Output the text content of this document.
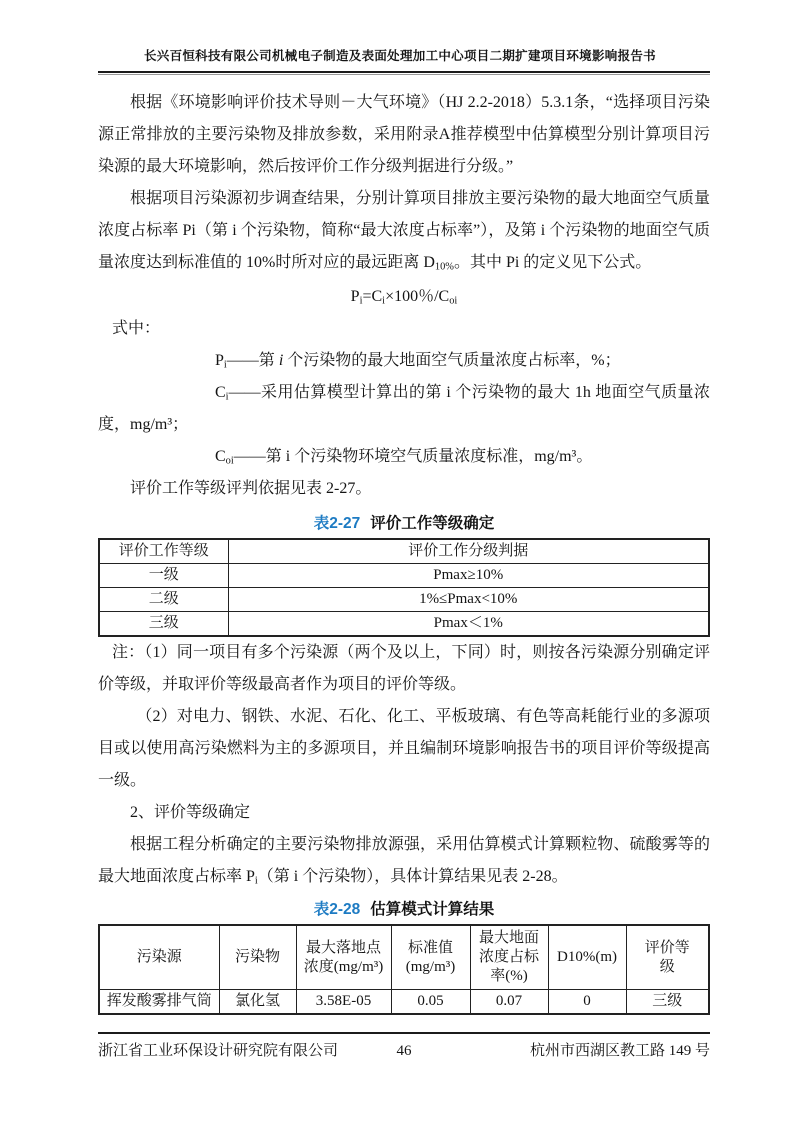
长兴百恒科技有限公司机械电子制造及表面处理加工中心项目二期扩建项目环境影响报告书

根据《环境影响评价技术导则－大气环境》（HJ 2.2-2018）5.3.1条，“选择项目污染源正常排放的主要污染物及排放参数，采用附录A推荐模型中估算模型分别计算项目污染源的最大环境影响，然后按评价工作分级判据进行分级。”

根据项目污染源初步调查结果，分别计算项目排放主要污染物的最大地面空气质量浓度占标率 Pi（第 i 个污染物，简称“最大浓度占标率”），及第 i 个污染物的地面空气质量浓度达到标准值的 10%时所对应的最远距离 $D_{10\%}$。其中 Pi 的定义见下公式。

$P_i=C_i\times 100$％$/C_{oi}$

式中：

$P_i——$第 i 个污染物的最大地面空气质量浓度占标率，%；

$C_i——$采用估算模型计算出的第 i 个污染物的最大 1h 地面空气质量浓度，mg/m³；

$C_{oi}——$第 i 个污染物环境空气质量浓度标准，mg/m³。

评价工作等级评判依据见表 2-27。

表2-27 评价工作等级确定

评价工作等级	评价工作分级判据
一级	Pmax≥10%
二级	1%≤Pmax<10%
三级	Pmax＜1%

注：（1）同一项目有多个污染源（两个及以上，下同）时，则按各污染源分别确定评价等级，并取评价等级最高者作为项目的评价等级。

（2）对电力、钢铁、水泥、石化、化工、平板玻璃、有色等高耗能行业的多源项目或以使用高污染燃料为主的多源项目，并且编制环境影响报告书的项目评价等级提高一级。

2、评价等级确定

根据工程分析确定的主要污染物排放源强，采用估算模式计算颗粒物、硫酸雾等的最大地面浓度占标率 $P_i$（第 i 个污染物），具体计算结果见表 2-28。

表2-28 估算模式计算结果

污染源	污染物	最大落地点浓度(mg/m³)	标准值(mg/m³)	最大地面浓度占标率(%)	D10%(m)	评价等级
挥发酸雾排气筒	氯化氢	3.58E-05	0.05	0.07	0	三级
浙江省工业环保设计研究院有限公司	46	杭州市西湖区教工路 149 号
